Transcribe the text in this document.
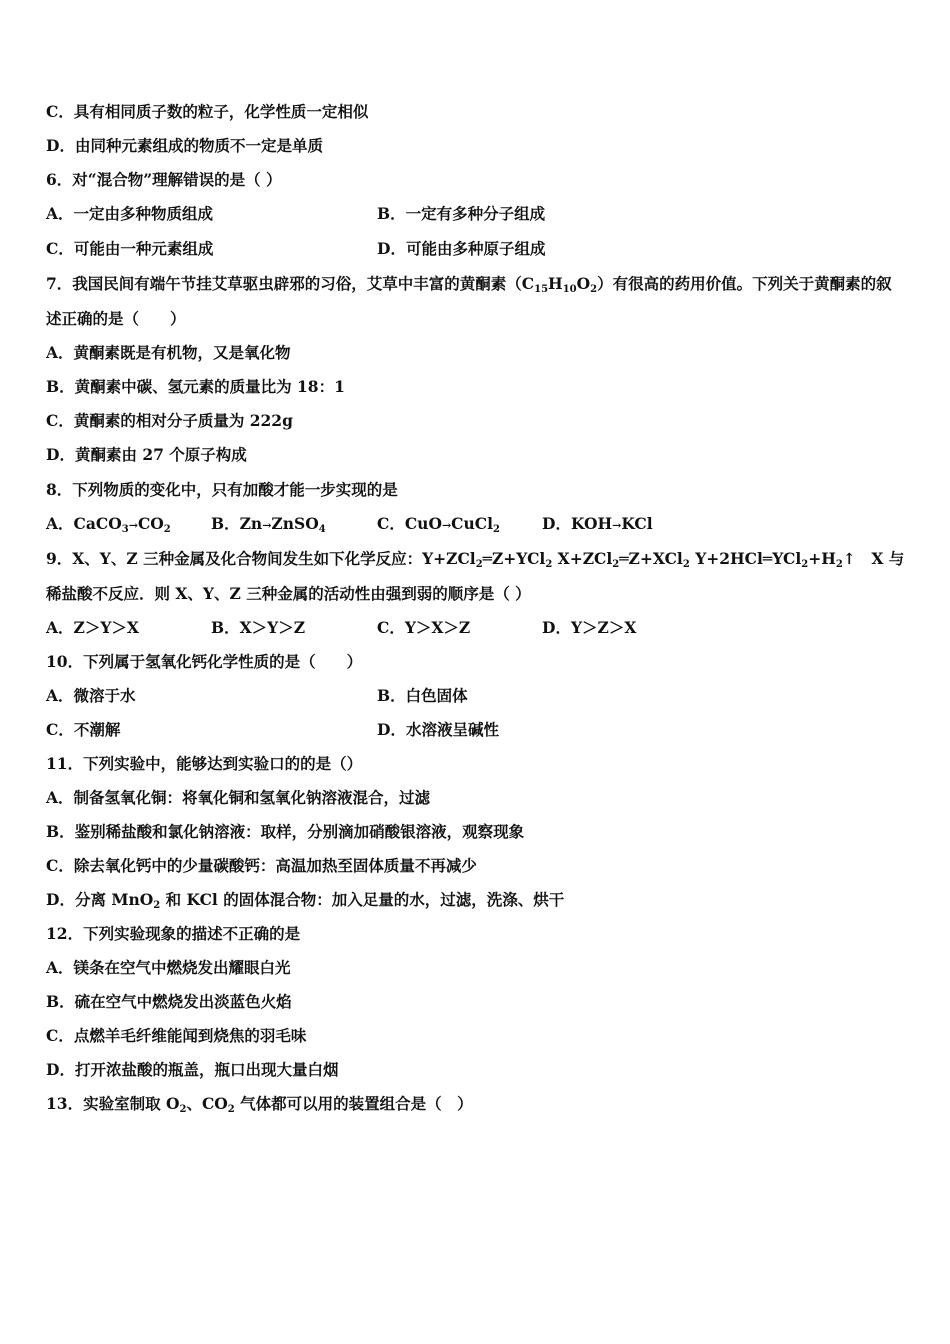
C．具有相同质子数的粒子，化学性质一定相似
D．由同种元素组成的物质不一定是单质
6．对“混合物”理解错误的是（ ）
A．一定由多种物质组成	B．一定有多种分子组成
C．可能由一种元素组成	D．可能由多种原子组成
7．我国民间有端午节挂艾草驱虫辟邪的习俗，艾草中丰富的黄酮素$(C_{15}H_{10}O_2)$有很高的药用价值。下列关于黄酮素的叙述正确的是（　　）
A．黄酮素既是有机物，又是氧化物
B．黄酮素中碳、氢元素的质量比为 18：1
C．黄酮素的相对分子质量为 222g
D．黄酮素由 27 个原子构成
8．下列物质的变化中，只有加酸才能一步实现的是
A．$CaCO_3\to CO_2$	B．Zn→ZnSO$_4$	C．CuO→CuCl$_2$	D．KOH→KCl
9．X、Y、Z 三种金属及化合物间发生如下化学反应：Y+ZCl$_2$═Z+YCl$_2$ X+ZCl$_2$═Z+XCl$_2$ $Y+2HCl═YCl_2+H_2↑$　X 与稀盐酸不反应．则 X、Y、Z 三种金属的活动性由强到弱的顺序是（ ）
A．Z＞Y＞X	B．X＞Y＞Z	C．Y＞X＞Z	D．Y＞Z＞X
10．下列属于氢氧化钙化学性质的是（　　）
A．微溶于水	B．白色固体
C．不潮解	D．水溶液呈碱性
11．下列实验中，能够达到实验口的的是（）
A．制备氢氧化铜：将氧化铜和氢氧化钠溶液混合，过滤
B．鉴别稀盐酸和氯化钠溶液：取样，分别滴加硝酸银溶液，观察现象
C．除去氧化钙中的少量碳酸钙：高温加热至固体质量不再减少
D．分离 MnO$_2$ 和 KCl 的固体混合物：加入足量的水，过滤，洗涤、烘干
12．下列实验现象的描述不正确的是
A．镁条在空气中燃烧发出耀眼白光
B．硫在空气中燃烧发出淡蓝色火焰
C．点燃羊毛纤维能闻到烧焦的羽毛味
D．打开浓盐酸的瓶盖，瓶口出现大量白烟
13．实验室制取 $O_2$、$CO_2$ 气体都可以用的装置组合是（　）
